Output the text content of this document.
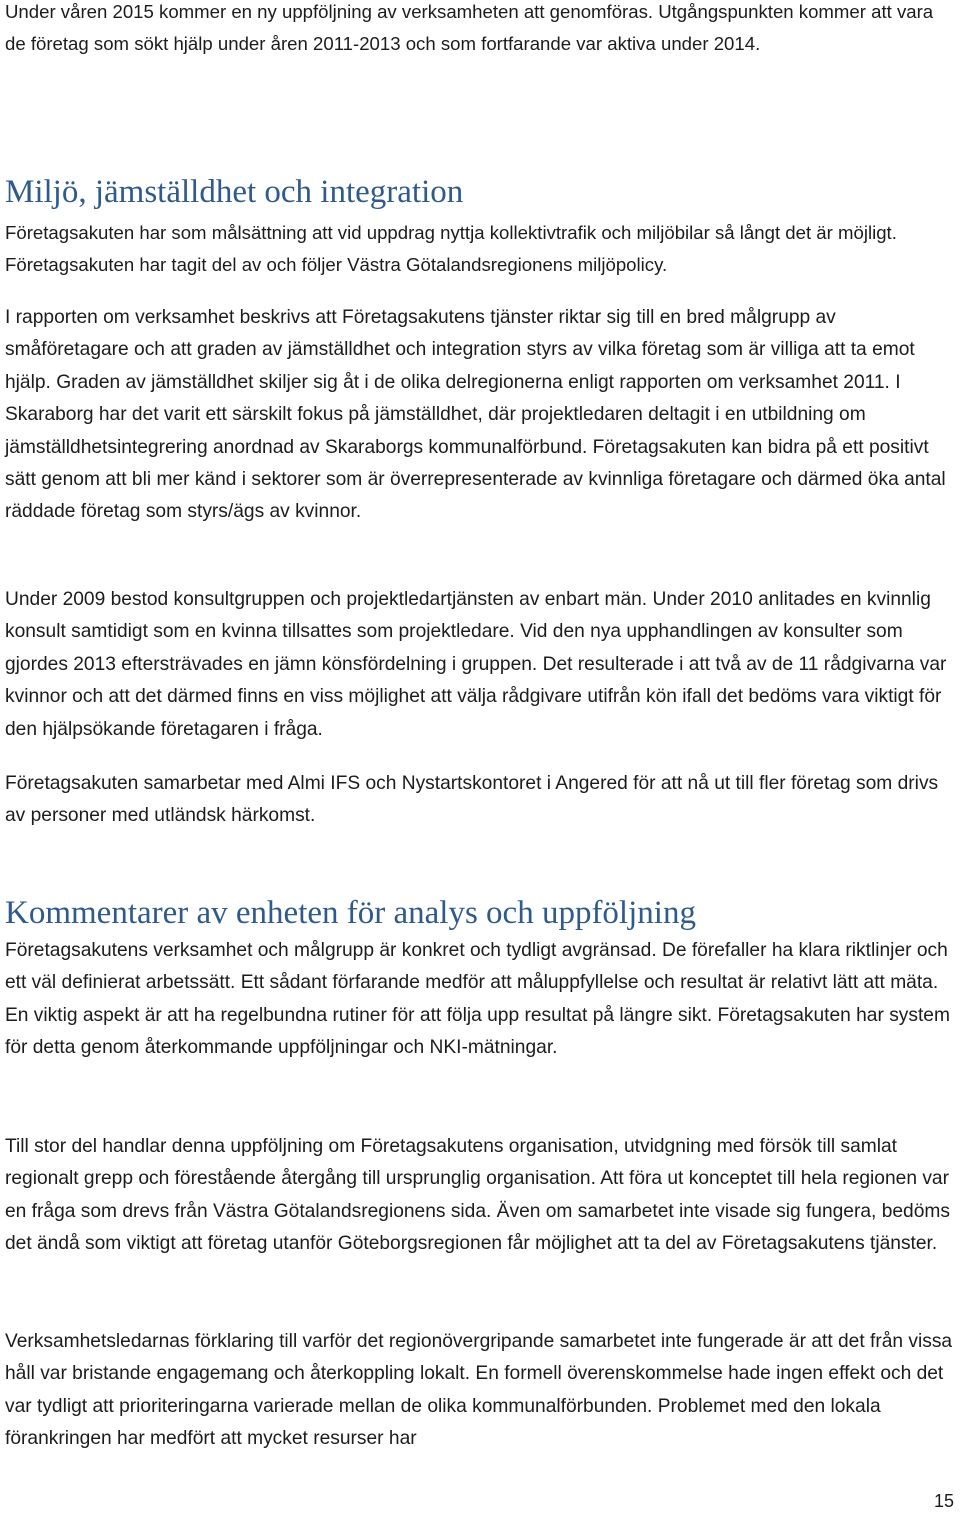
Under våren 2015 kommer en ny uppföljning av verksamheten att genomföras. Utgångspunkten kommer att vara de företag som sökt hjälp under åren 2011-2013 och som fortfarande var aktiva under 2014.

Miljö, jämställdhet och integration

Företagsakuten har som målsättning att vid uppdrag nyttja kollektivtrafik och miljöbilar så långt det är möjligt. Företagsakuten har tagit del av och följer Västra Götalandsregionens miljöpolicy.

I rapporten om verksamhet beskrivs att Företagsakutens tjänster riktar sig till en bred målgrupp av småföretagare och att graden av jämställdhet och integration styrs av vilka företag som är villiga att ta emot hjälp. Graden av jämställdhet skiljer sig åt i de olika delregionerna enligt rapporten om verksamhet 2011. I Skaraborg har det varit ett särskilt fokus på jämställdhet, där projektledaren deltagit i en utbildning om jämställdhetsintegrering anordnad av Skaraborgs kommunalförbund. Företagsakuten kan bidra på ett positivt sätt genom att bli mer känd i sektorer som är överrepresenterade av kvinnliga företagare och därmed öka antal räddade företag som styrs/ägs av kvinnor.

Under 2009 bestod konsultgruppen och projektledartjänsten av enbart män. Under 2010 anlitades en kvinnlig konsult samtidigt som en kvinna tillsattes som projektledare. Vid den nya upphandlingen av konsulter som gjordes 2013 eftersträvades en jämn könsfördelning i gruppen. Det resulterade i att två av de 11 rådgivarna var kvinnor och att det därmed finns en viss möjlighet att välja rådgivare utifrån kön ifall det bedöms vara viktigt för den hjälpsökande företagaren i fråga.

Företagsakuten samarbetar med Almi IFS och Nystartskontoret i Angered för att nå ut till fler företag som drivs av personer med utländsk härkomst.

Kommentarer av enheten för analys och uppföljning

Företagsakutens verksamhet och målgrupp är konkret och tydligt avgränsad. De förefaller ha klara riktlinjer och ett väl definierat arbetssätt. Ett sådant förfarande medför att måluppfyllelse och resultat är relativt lätt att mäta. En viktig aspekt är att ha regelbundna rutiner för att följa upp resultat på längre sikt. Företagsakuten har system för detta genom återkommande uppföljningar och NKI-mätningar.

Till stor del handlar denna uppföljning om Företagsakutens organisation, utvidgning med försök till samlat regionalt grepp och förestående återgång till ursprunglig organisation. Att föra ut konceptet till hela regionen var en fråga som drevs från Västra Götalandsregionens sida. Även om samarbetet inte visade sig fungera, bedöms det ändå som viktigt att företag utanför Göteborgsregionen får möjlighet att ta del av Företagsakutens tjänster.

Verksamhetsledarnas förklaring till varför det regionövergripande samarbetet inte fungerade är att det från vissa håll var bristande engagemang och återkoppling lokalt. En formell överenskommelse hade ingen effekt och det var tydligt att prioriteringarna varierade mellan de olika kommunalförbunden. Problemet med den lokala förankringen har medfört att mycket resurser har

15
